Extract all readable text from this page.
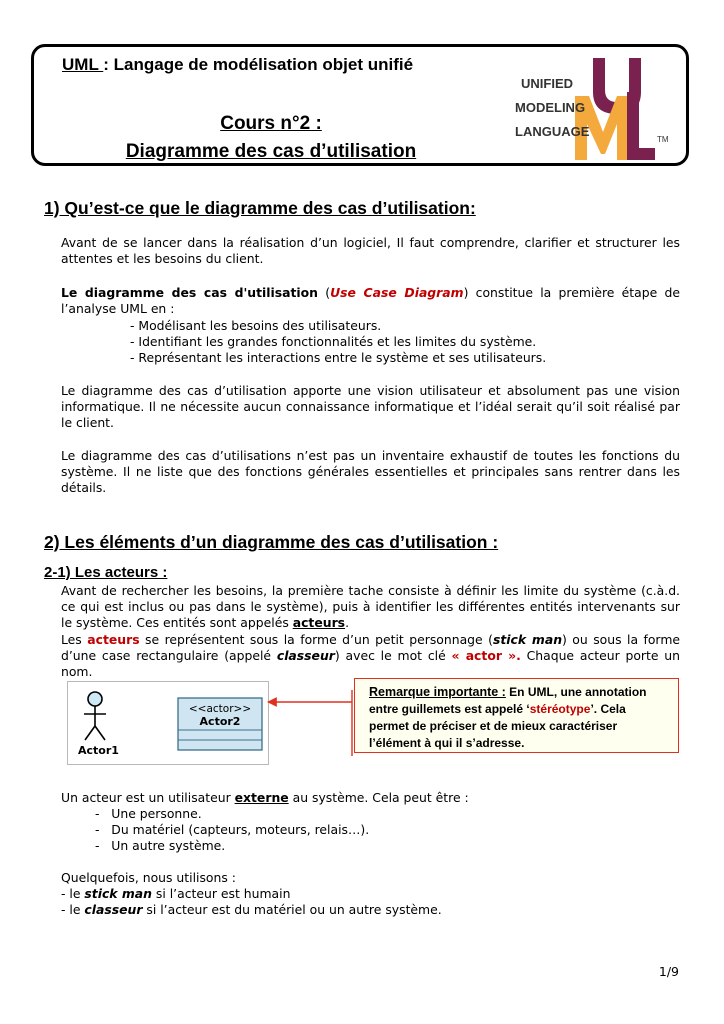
UML : Langage de modélisation objet unifié
Cours n°2 :
Diagramme des cas d’utilisation
UNIFIED
MODELING
LANGUAGE
TM
1) Qu’est-ce que le diagramme des cas d’utilisation:

Avant de se lancer dans la réalisation d’un logiciel, Il faut comprendre, clarifier et structurer les attentes et les besoins du client.

Le diagramme des cas d'utilisation (Use Case Diagram) constitue la première étape de l’analyse UML en :

- Modélisant les besoins des utilisateurs.
- Identifiant les grandes fonctionnalités et les limites du système.
- Représentant les interactions entre le système et ses utilisateurs.

Le diagramme des cas d’utilisation apporte une vision utilisateur et absolument pas une vision informatique. Il ne nécessite aucun connaissance informatique et l’idéal serait qu’il soit réalisé par le client.

Le diagramme des cas d’utilisations n’est pas un inventaire exhaustif de toutes les fonctions du système. Il ne liste que des fonctions générales essentielles et principales sans rentrer dans les détails.

2) Les éléments d’un diagramme des cas d’utilisation :
2-1) Les acteurs :

Avant de rechercher les besoins, la première tache consiste à définir les limite du système (c.à.d. ce qui est inclus ou pas dans le système), puis à identifier les différentes entités intervenants sur le système. Ces entités sont appelés acteurs.

Les acteurs se représentent sous la forme d’un petit personnage (stick man) ou sous la forme d’une case rectangulaire (appelé classeur) avec le mot clé « actor ». Chaque acteur porte un nom.

Actor1
<<actor>>
Actor2
Remarque importante : En UML, une annotation entre guillemets est appelé ‘stéréotype’. Cela permet de préciser et de mieux caractériser l’élément à qui il s’adresse.

Un acteur est un utilisateur externe au système. Cela peut être :

-   Une personne.
-   Du matériel (capteurs, moteurs, relais…).
-   Un autre système.
Quelquefois, nous utilisons :
- le stick man si l’acteur est humain
- le classeur si l’acteur est du matériel ou un autre système.
1/9
